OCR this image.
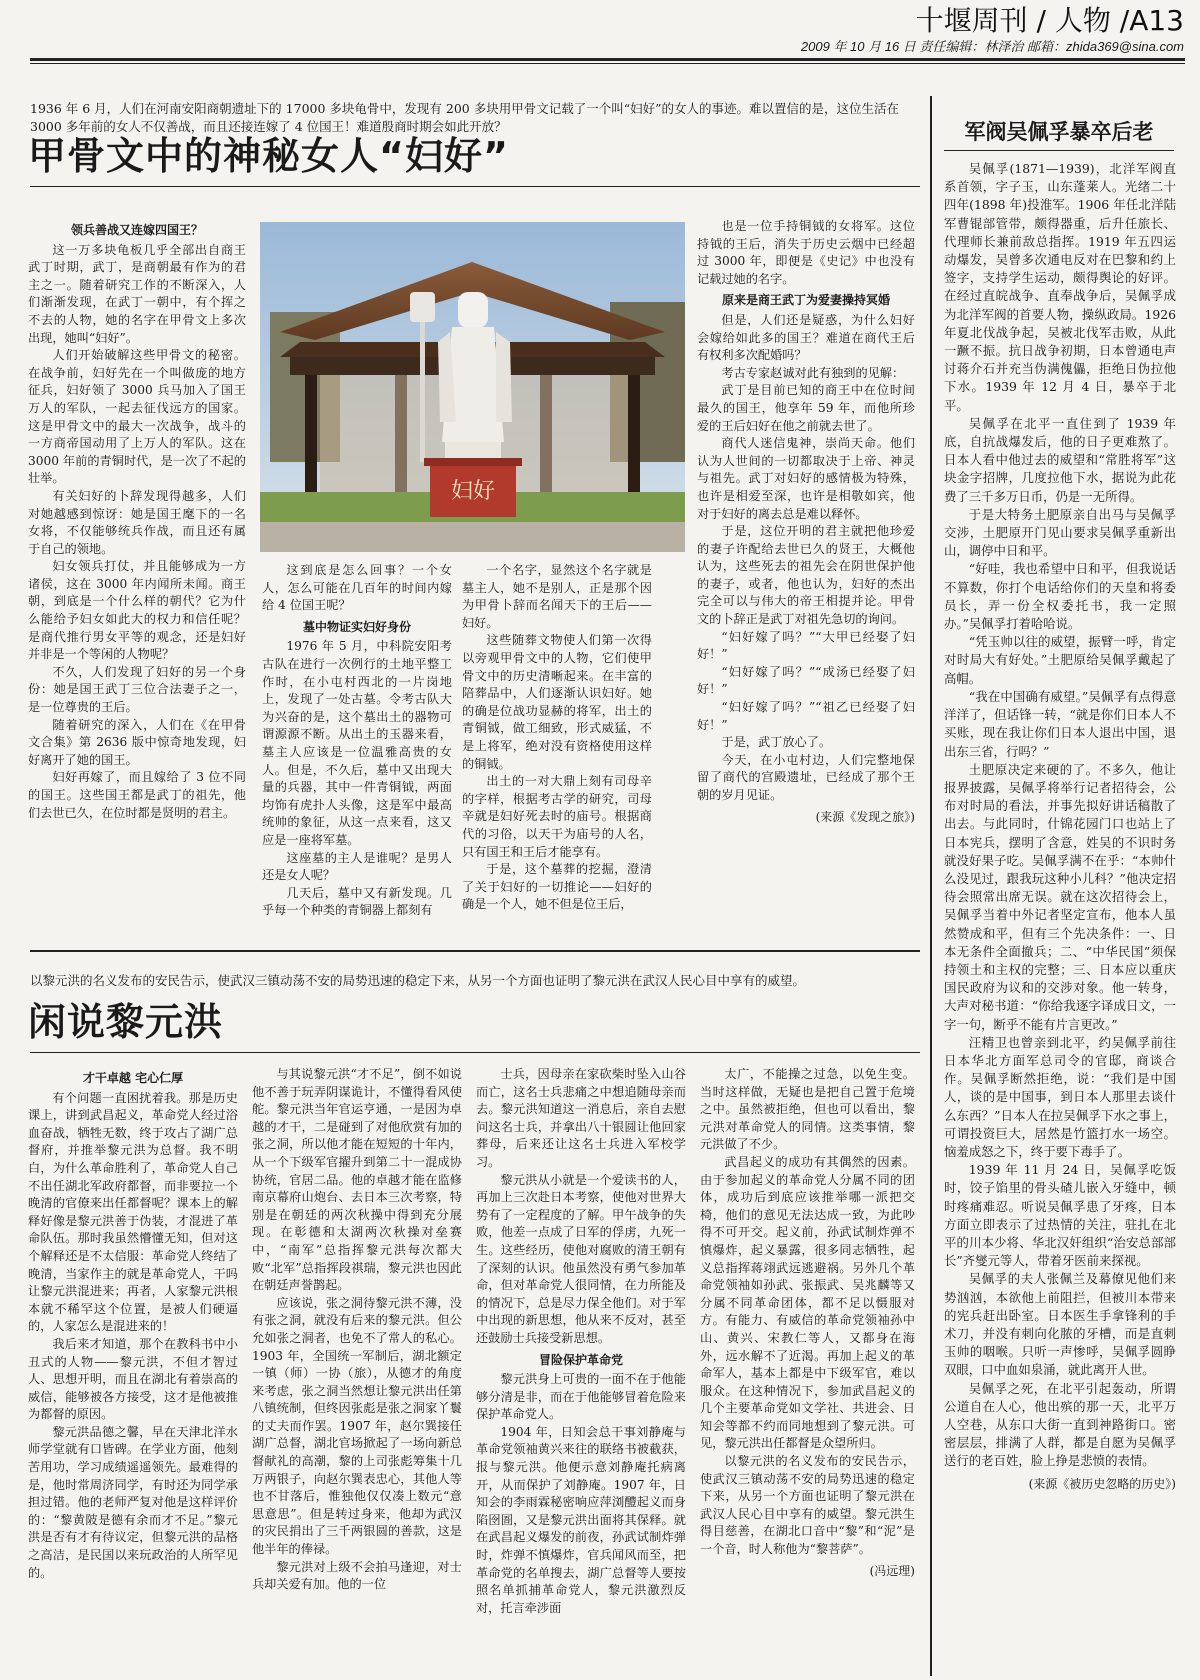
十堰周刊 / 人物 /A13
2009 年 10 月 16 日 责任编辑：林泽治 邮箱：zhida369@sina.com
1936 年 6 月，人们在河南安阳商朝遗址下的 17000 多块龟骨中，发现有 200 多块用甲骨文记载了一个叫“妇好”的女人的事迹。难以置信的是，这位生活在 3000 多年前的女人不仅善战，而且还接连嫁了 4 位国王！难道殷商时期会如此开放？
甲骨文中的神秘女人“妇好”
领兵善战又连嫁四国王？

这一万多块龟板几乎全部出自商王武丁时期，武丁，是商朝最有作为的君主之一。随着研究工作的不断深入，人们渐渐发现，在武丁一朝中，有个挥之不去的人物，她的名字在甲骨文上多次出现，她叫“妇好”。

人们开始破解这些甲骨文的秘密。在战争前，妇好先在一个叫做庞的地方征兵，妇好领了 3000 兵马加入了国王万人的军队，一起去征伐远方的国家。这是甲骨文中的最大一次战争，战斗的一方商帝国动用了上万人的军队。这在 3000 年前的青铜时代，是一次了不起的壮举。

有关妇好的卜辞发现得越多，人们对她越感到惊讶：她是国王麾下的一名女将，不仅能够统兵作战，而且还有属于自己的领地。

妇女领兵打仗，并且能够成为一方诸侯，这在 3000 年内闻所未闻。商王朝，到底是一个什么样的朝代？它为什么能给予妇女如此大的权力和信任呢？是商代推行男女平等的观念，还是妇好并非是一个等闲的人物呢？

不久，人们发现了妇好的另一个身份：她是国王武丁三位合法妻子之一，是一位尊贵的王后。

随着研究的深入，人们在《在甲骨文合集》第 2636 版中惊奇地发现，妇好离开了她的国王。

妇好再嫁了，而且嫁给了 3 位不同的国王。这些国王都是武丁的祖先，他们去世已久，在位时都是贤明的君主。

妇好

这到底是怎么回事？一个女人，怎么可能在几百年的时间内嫁给 4 位国王呢？

墓中物证实妇好身份

1976 年 5 月，中科院安阳考古队在进行一次例行的土地平整工作时，在小屯村西北的一片岗地上，发现了一处古墓。令考古队大为兴奋的是，这个墓出土的器物可谓源源不断。从出土的玉器来看，墓主人应该是一位温雅高贵的女人。但是，不久后，墓中又出现大量的兵器，其中一件青铜钺，两面均饰有虎扑人头像，这是军中最高统帅的象征，从这一点来看，这又应是一座将军墓。

这座墓的主人是谁呢？是男人还是女人呢？

几天后，墓中又有新发现。几乎每一个种类的青铜器上都刻有

一个名字，显然这个名字就是墓主人，她不是别人，正是那个因为甲骨卜辞而名闻天下的王后——妇好。

这些随葬文物使人们第一次得以旁观甲骨文中的人物，它们使甲骨文中的历史清晰起来。在丰富的陪葬品中，人们逐渐认识妇好。她的确是位战功显赫的将军，出土的青铜钺，做工细致，形式威猛，不是上将军，绝对没有资格使用这样的铜钺。

出土的一对大鼎上刻有司母辛的字样，根据考古学的研究，司母辛就是妇好死去时的庙号。根据商代的习俗，以天干为庙号的人名，只有国王和王后才能享有。

于是，这个墓葬的挖掘，澄清了关于妇好的一切推论——妇好的确是一个人，她不但是位王后，

也是一位手持铜钺的女将军。这位持钺的王后，消失于历史云烟中已经超过 3000 年，即便是《史记》中也没有记载过她的名字。

原来是商王武丁为爱妻操持冥婚

但是，人们还是疑惑，为什么妇好会嫁给如此多的国王？难道在商代王后有权利多次配婚吗？

考古专家赵诚对此有独到的见解：

武丁是目前已知的商王中在位时间最久的国王，他享年 59 年，而他所珍爱的王后妇好在他之前就去世了。

商代人迷信鬼神，崇尚天命。他们认为人世间的一切都取决于上帝、神灵与祖先。武丁对妇好的感情极为特殊，也许是相爱至深，也许是相敬如宾，他对于妇好的离去总是难以释怀。

于是，这位开明的君主就把他珍爱的妻子许配给去世已久的贤王，大概他认为，这些死去的祖先会在阴世保护他的妻子，或者，他也认为，妇好的杰出完全可以与伟大的帝王相提并论。甲骨文的卜辞正是武丁对祖先急切的询问。

“妇好嫁了吗？”“大甲已经娶了妇好！”

“妇好嫁了吗？”“成汤已经娶了妇好！”

“妇好嫁了吗？”“祖乙已经娶了妇好！”

于是，武丁放心了。

今天，在小屯村边，人们完整地保留了商代的宫殿遗址，已经成了那个王朝的岁月见证。

(来源《发现之旅》)
以黎元洪的名义发布的安民告示，使武汉三镇动荡不安的局势迅速的稳定下来，从另一个方面也证明了黎元洪在武汉人民心目中享有的威望。
闲说黎元洪
才干卓越 宅心仁厚

有个问题一直困扰着我。那是历史课上，讲到武昌起义，革命党人经过浴血奋战，牺牲无数，终于攻占了湖广总督府，并推举黎元洪为总督。我不明白，为什么革命胜利了，革命党人自己不出任湖北军政府都督，而非要拉一个晚清的官僚来出任都督呢？课本上的解释好像是黎元洪善于伪装，才混进了革命队伍。那时我虽然懵懂无知，但对这个解释还是不太信服：革命党人终结了晚清，当家作主的就是革命党人，干吗让黎元洪混进来；再者，人家黎元洪根本就不稀罕这个位置，是被人们硬逼的，人家怎么是混进来的！

我后来才知道，那个在教科书中小丑式的人物——黎元洪，不但才智过人、思想开明，而且在湖北有着崇高的威信，能够被各方接受，这才是他被推为都督的原因。

黎元洪品德之馨，早在天津北洋水师学堂就有口皆碑。在学业方面，他刻苦用功，学习成绩遥遥领先。最难得的是，他时常周济同学，有时还为同学承担过错。他的老师严复对他是这样评价的：“黎黄陂是德有余而才不足。”黎元洪是否有才有待议定，但黎元洪的品格之高洁，是民国以来玩政治的人所罕见的。

与其说黎元洪“才不足”，倒不如说他不善于玩弄阴谋诡计，不懂得看风使舵。黎元洪当年官运亨通，一是因为卓越的才干，二是碰到了对他欣赏有加的张之洞，所以他才能在短短的十年内，从一个下级军官擢升到第二十一混成协协统，官居二品。他的卓越才能在监修南京幕府山炮台、去日本三次考察，特别是在朝廷的两次秋操中得到充分展现。在彰德和太湖两次秋操对垒赛中，“南军”总指挥黎元洪每次都大败“北军”总指挥段祺瑞，黎元洪也因此在朝廷声誉鹊起。

应该说，张之洞待黎元洪不薄，没有张之洞，就没有后来的黎元洪。但公允如张之洞者，也免不了常人的私心。1903 年，全国统一军制后，湖北额定一镇（师）一协（旅），从德才的角度来考虑，张之洞当然想让黎元洪出任第八镇统制，但终因张彪是张之洞家丫鬟的丈夫而作罢。1907 年，赵尔巽接任湖广总督，湖北官场掀起了一场向新总督献礼的高潮，黎的上司张彪筹集十几万两银子，向赵尔巽表忠心，其他人等也不甘落后，惟独他仅仅凑上数元“意思意思”。但是转过身来，他却为武汉的灾民捐出了三千两银圆的善款，这是他半年的俸禄。

黎元洪对上级不会拍马逢迎，对士兵却关爱有加。他的一位

士兵，因母亲在家砍柴时坠入山谷而亡，这名士兵悲痛之中想追随母亲而去。黎元洪知道这一消息后，亲自去慰问这名士兵，并拿出八十银圆让他回家葬母，后来还让这名士兵进入军校学习。

黎元洪从小就是一个爱读书的人，再加上三次赴日本考察，使他对世界大势有了一定程度的了解。甲午战争的失败，他差一点成了日军的俘虏，九死一生。这些经历，使他对腐败的清王朝有了深刻的认识。他虽然没有勇气参加革命，但对革命党人很同情，在力所能及的情况下，总是尽力保全他们。对于军中出现的新思想，他从来不反对，甚至还鼓励士兵接受新思想。

冒险保护革命党

黎元洪身上可贵的一面不在于他能够分清是非，而在于他能够冒着危险来保护革命党人。

1904 年，日知会总干事刘静庵与革命党领袖黄兴来往的联络书被截获，报与黎元洪。他便示意刘静庵托病离开，从而保护了刘静庵。1907 年，日知会的李雨霖秘密响应萍浏醴起义而身陷囹圄，又是黎元洪出面将其保释。就在武昌起义爆发的前夜，孙武试制炸弹时，炸弹不慎爆炸，官兵闻风而至，把革命党的名单搜去，湖广总督等人要按照名单抓捕革命党人，黎元洪激烈反对，托言牵涉面

太广，不能操之过急，以免生变。当时这样做，无疑也是把自己置于危境之中。虽然被拒绝，但也可以看出，黎元洪对革命党人的同情。这类事情，黎元洪做了不少。

武昌起义的成功有其偶然的因素。由于参加起义的革命党人分属不同的团体，成功后到底应该推举哪一派把交椅，他们的意见无法达成一致，为此吵得不可开交。起义前，孙武试制炸弹不慎爆炸，起义暴露，很多同志牺牲，起义总指挥蒋翊武远逃避祸。另外几个革命党领袖如孙武、张振武、吴兆麟等又分属不同革命团体，都不足以慑服对方。有能力、有威信的革命党领袖孙中山、黄兴、宋教仁等人，又都身在海外，远水解不了近渴。再加上起义的革命军人，基本上都是中下级军官，难以服众。在这种情况下，参加武昌起义的几个主要革命党如文学社、共进会、日知会等都不约而同地想到了黎元洪。可见，黎元洪出任都督是众望所归。

以黎元洪的名义发布的安民告示，使武汉三镇动荡不安的局势迅速的稳定下来，从另一个方面也证明了黎元洪在武汉人民心目中享有的威望。黎元洪生得目慈善，在湖北口音中“黎”和“泥”是一个音，时人称他为“黎菩萨”。

(冯远理)
军阀吴佩孚暴卒后老

吴佩孚(1871—1939)，北洋军阀直系首领，字子玉，山东蓬莱人。光绪二十四年(1898 年)投淮军。1906 年任北洋陆军曹锟部管带，颇得器重，后升任旅长、代理师长兼前敌总指挥。1919 年五四运动爆发，吴曾多次通电反对在巴黎和约上签字，支持学生运动，颇得舆论的好评。在经过直皖战争、直奉战争后，吴佩孚成为北洋军阀的首要人物，操纵政局。1926 年夏北伐战争起，吴被北伐军击败，从此一蹶不振。抗日战争初期，日本曾通电声讨蒋介石并充当伪满傀儡，拒绝日伪拉他下水。1939 年 12 月 4 日，暴卒于北平。

吴佩孚在北平一直住到了 1939 年底，自抗战爆发后，他的日子更难熬了。日本人看中他过去的威望和“常胜将军”这块金字招牌，几度拉他下水，据说为此花费了三千多万日币，仍是一无所得。

于是大特务土肥原亲自出马与吴佩孚交涉，土肥原开门见山要求吴佩孚重新出山，调停中日和平。

“好哇，我也希望中日和平，但我说话不算数，你打个电话给你们的天皇和将委员长，弄一份全权委托书，我一定照办。”吴佩孚打着哈哈说。

“凭玉帅以往的威望，振臂一呼，肯定对时局大有好处。”土肥原给吴佩孚戴起了高帽。

“我在中国确有威望。”吴佩孚有点得意洋洋了，但话锋一转，“就是你们日本人不买账，现在我让你们日本人退出中国，退出东三省，行吗？”

土肥原决定来硬的了。不多久，他让报界披露，吴佩孚将举行记者招待会，公布对时局的看法，并事先拟好讲话稿散了出去。与此同时，什锦花园门口也站上了日本宪兵，摆明了含意，姓吴的不识时务就没好果子吃。吴佩孚满不在乎：“本帅什么没见过，跟我玩这种小儿科？”他决定招待会照常出席无误。就在这次招待会上，吴佩孚当着中外记者坚定宣布，他本人虽然赞成和平，但有三个先决条件：一、日本无条件全面撤兵；二、“中华民国”须保持领土和主权的完整；三、日本应以重庆国民政府为议和的交涉对象。他一转身，大声对秘书道：“你给我逐字译成日文，一字一句，断乎不能有片言更改。”

汪精卫也曾亲到北平，约吴佩孚前往日本华北方面军总司令的官邸，商谈合作。吴佩孚断然拒绝，说：“我们是中国人，谈的是中国事，到日本人那里去谈什么东西？”日本人在拉吴佩孚下水之事上，可谓投资巨大，居然是竹篮打水一场空。恼羞成怒之下，终于要下毒手了。

1939 年 11 月 24 日，吴佩孚吃饭时，饺子馅里的骨头碴儿嵌入牙缝中，顿时疼痛难忍。听说吴佩孚患了牙疼，日本方面立即表示了过热情的关注，驻扎在北平的川本少将、华北汉奸组织“治安总部部长”齐燮元等人，带着牙医前来探视。

吴佩孚的夫人张佩兰及幕僚见他们来势汹汹，本欲他上前阻拦，但被川本带来的宪兵赶出卧室。日本医生手拿锋利的手术刀，并没有刺向化脓的牙槽，而是直刺玉帅的咽喉。只听一声惨呼，吴佩孚圆睁双眼，口中血如泉涌，就此离开人世。

吴佩孚之死，在北平引起轰动，所谓公道自在人心，他出殡的那一天，北平万人空巷，从东口大街一直到神路街口。密密层层，排满了人群，都是自愿为吴佩孚送行的老百姓，脸上挣是悲愤的表情。

(来源《被历史忽略的历史》)
